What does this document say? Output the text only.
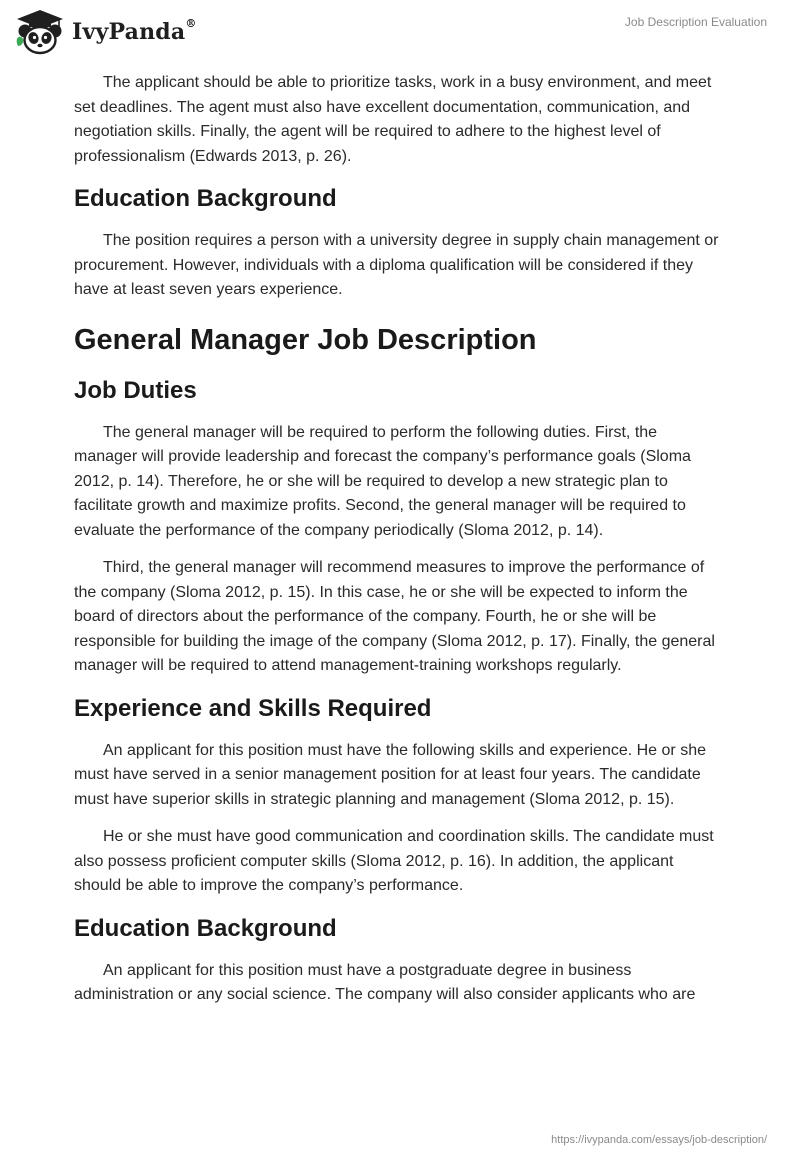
IvyPanda®	Job Description Evaluation

The applicant should be able to prioritize tasks, work in a busy environment, and meet set deadlines. The agent must also have excellent documentation, communication, and negotiation skills. Finally, the agent will be required to adhere to the highest level of professionalism (Edwards 2013, p. 26).

Education Background

The position requires a person with a university degree in supply chain management or procurement. However, individuals with a diploma qualification will be considered if they have at least seven years experience.

General Manager Job Description
Job Duties

The general manager will be required to perform the following duties. First, the manager will provide leadership and forecast the company’s performance goals (Sloma 2012, p. 14). Therefore, he or she will be required to develop a new strategic plan to facilitate growth and maximize profits. Second, the general manager will be required to evaluate the performance of the company periodically (Sloma 2012, p. 14).

Third, the general manager will recommend measures to improve the performance of the company (Sloma 2012, p. 15). In this case, he or she will be expected to inform the board of directors about the performance of the company. Fourth, he or she will be responsible for building the image of the company (Sloma 2012, p. 17). Finally, the general manager will be required to attend management-training workshops regularly.

Experience and Skills Required

An applicant for this position must have the following skills and experience. He or she must have served in a senior management position for at least four years. The candidate must have superior skills in strategic planning and management (Sloma 2012, p. 15).

He or she must have good communication and coordination skills. The candidate must also possess proficient computer skills (Sloma 2012, p. 16). In addition, the applicant should be able to improve the company’s performance.

Education Background

An applicant for this position must have a postgraduate degree in business administration or any social science. The company will also consider applicants who are

https://ivypanda.com/essays/job-description/
